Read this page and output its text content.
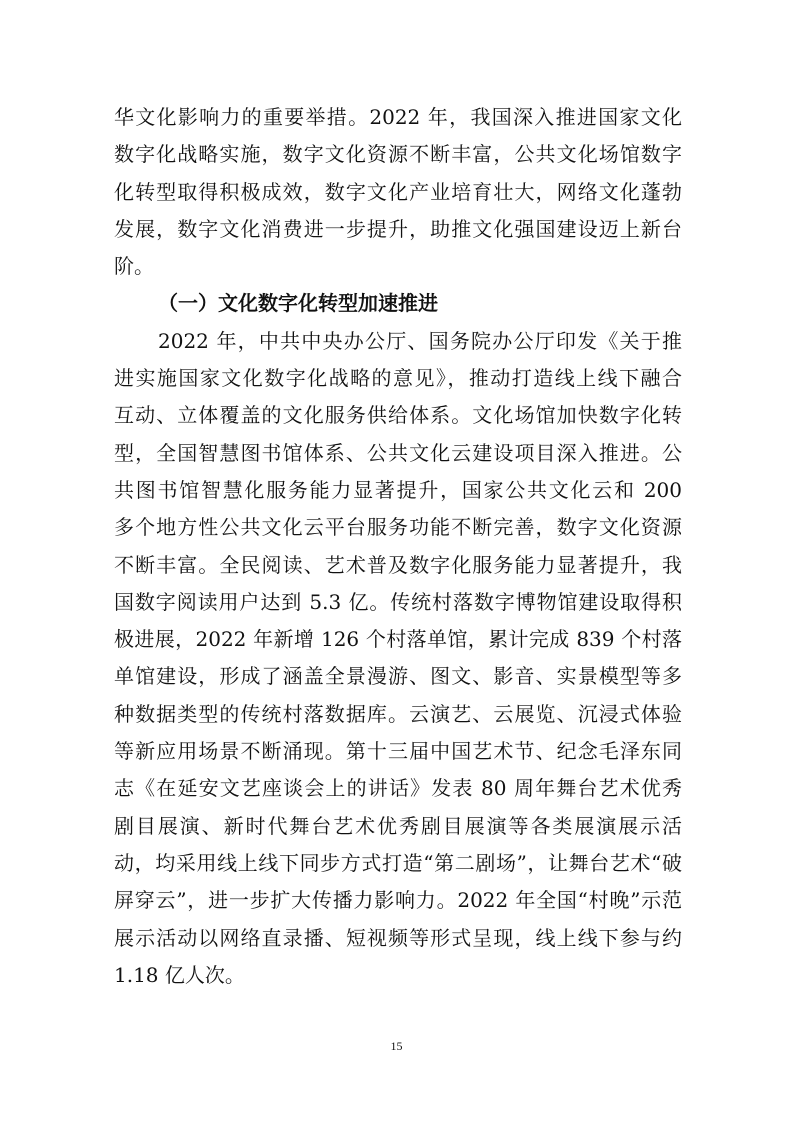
华文化影响力的重要举措。2022 年，我国深入推进国家文化
数字化战略实施，数字文化资源不断丰富，公共文化场馆数字
化转型取得积极成效，数字文化产业培育壮大，网络文化蓬勃
发展，数字文化消费进一步提升，助推文化强国建设迈上新台
阶。
（一）文化数字化转型加速推进
2022 年，中共中央办公厅、国务院办公厅印发《关于推
进实施国家文化数字化战略的意见》，推动打造线上线下融合
互动、立体覆盖的文化服务供给体系。文化场馆加快数字化转
型，全国智慧图书馆体系、公共文化云建设项目深入推进。公
共图书馆智慧化服务能力显著提升，国家公共文化云和 200
多个地方性公共文化云平台服务功能不断完善，数字文化资源
不断丰富。全民阅读、艺术普及数字化服务能力显著提升，我
国数字阅读用户达到 5.3 亿。传统村落数字博物馆建设取得积
极进展，2022 年新增 126 个村落单馆，累计完成 839 个村落
单馆建设，形成了涵盖全景漫游、图文、影音、实景模型等多
种数据类型的传统村落数据库。云演艺、云展览、沉浸式体验
等新应用场景不断涌现。第十三届中国艺术节、纪念毛泽东同
志《在延安文艺座谈会上的讲话》发表 80 周年舞台艺术优秀
剧目展演、新时代舞台艺术优秀剧目展演等各类展演展示活
动，均采用线上线下同步方式打造“第二剧场”，让舞台艺术“破
屏穿云”，进一步扩大传播力影响力。2022 年全国“村晚”示范
展示活动以网络直录播、短视频等形式呈现，线上线下参与约
1.18 亿人次。
15
